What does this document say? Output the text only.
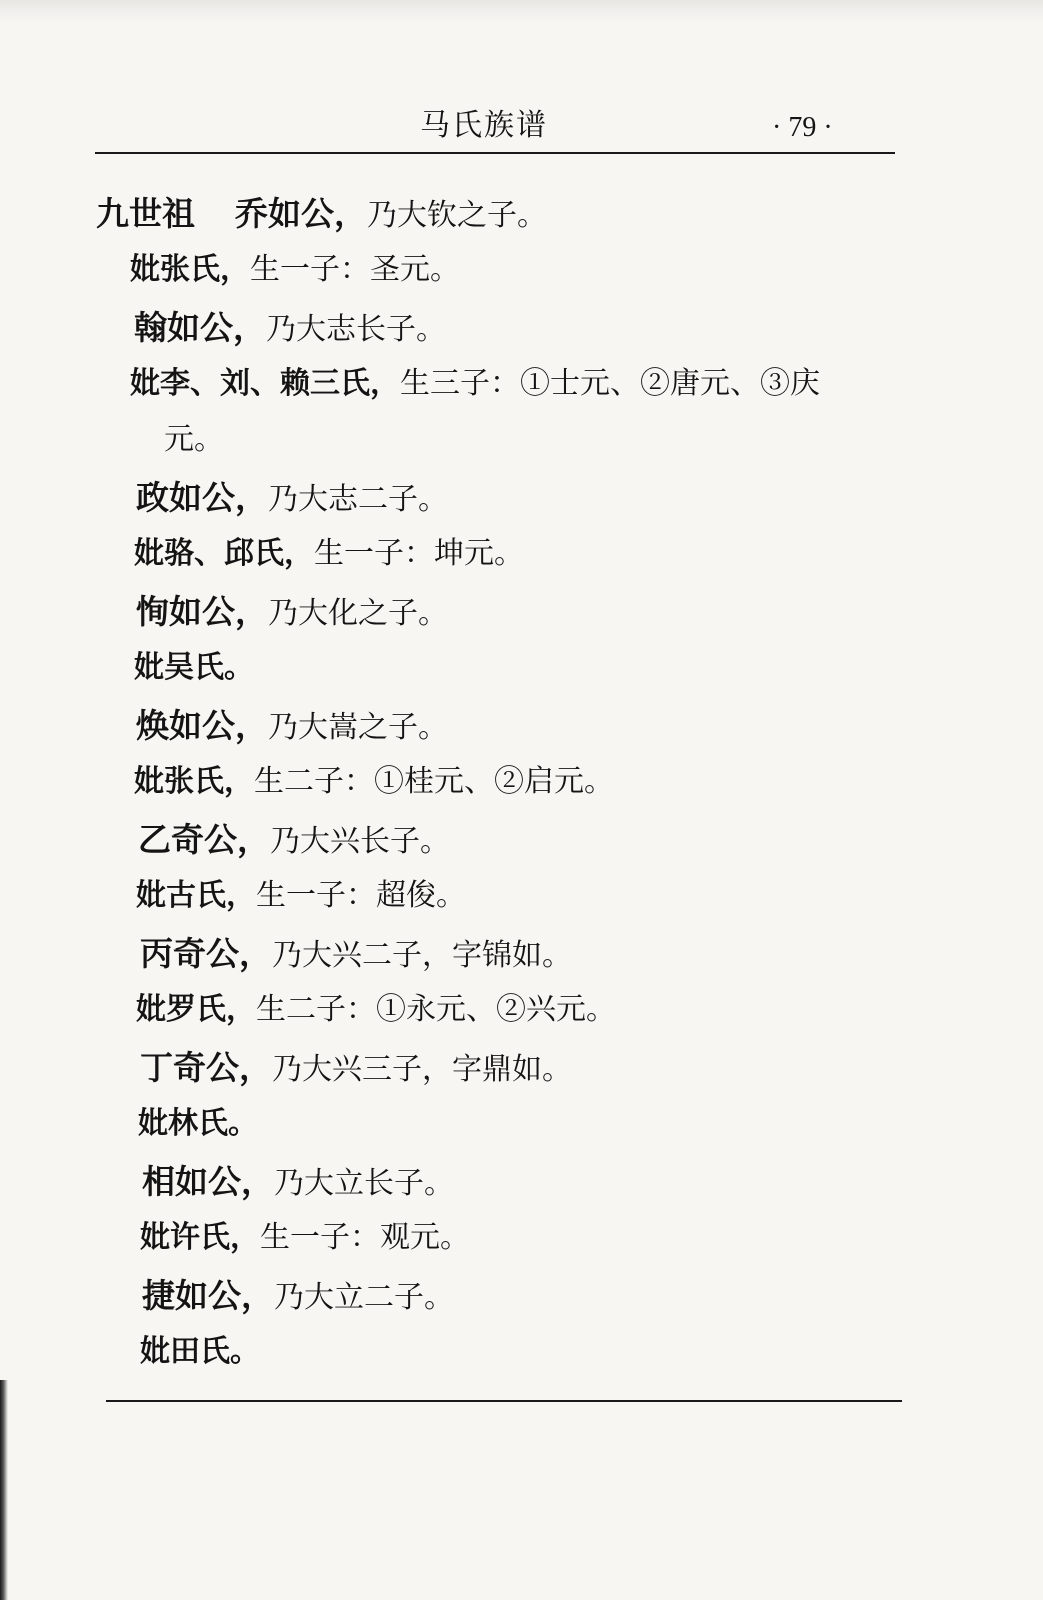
马氏族谱	· 79 ·
九世祖 乔如公，乃大钦之子。
妣张氏，生一子：圣元。
翰如公，乃大志长子。
妣李、刘、赖三氏，生三子：①士元、②唐元、③庆
元。
政如公，乃大志二子。
妣骆、邱氏，生一子：坤元。
恂如公，乃大化之子。
妣吴氏。
焕如公，乃大嵩之子。
妣张氏，生二子：①桂元、②启元。
乙奇公，乃大兴长子。
妣古氏，生一子：超俊。
丙奇公，乃大兴二子，字锦如。
妣罗氏，生二子：①永元、②兴元。
丁奇公，乃大兴三子，字鼎如。
妣林氏。
相如公，乃大立长子。
妣许氏，生一子：观元。
捷如公，乃大立二子。
妣田氏。
